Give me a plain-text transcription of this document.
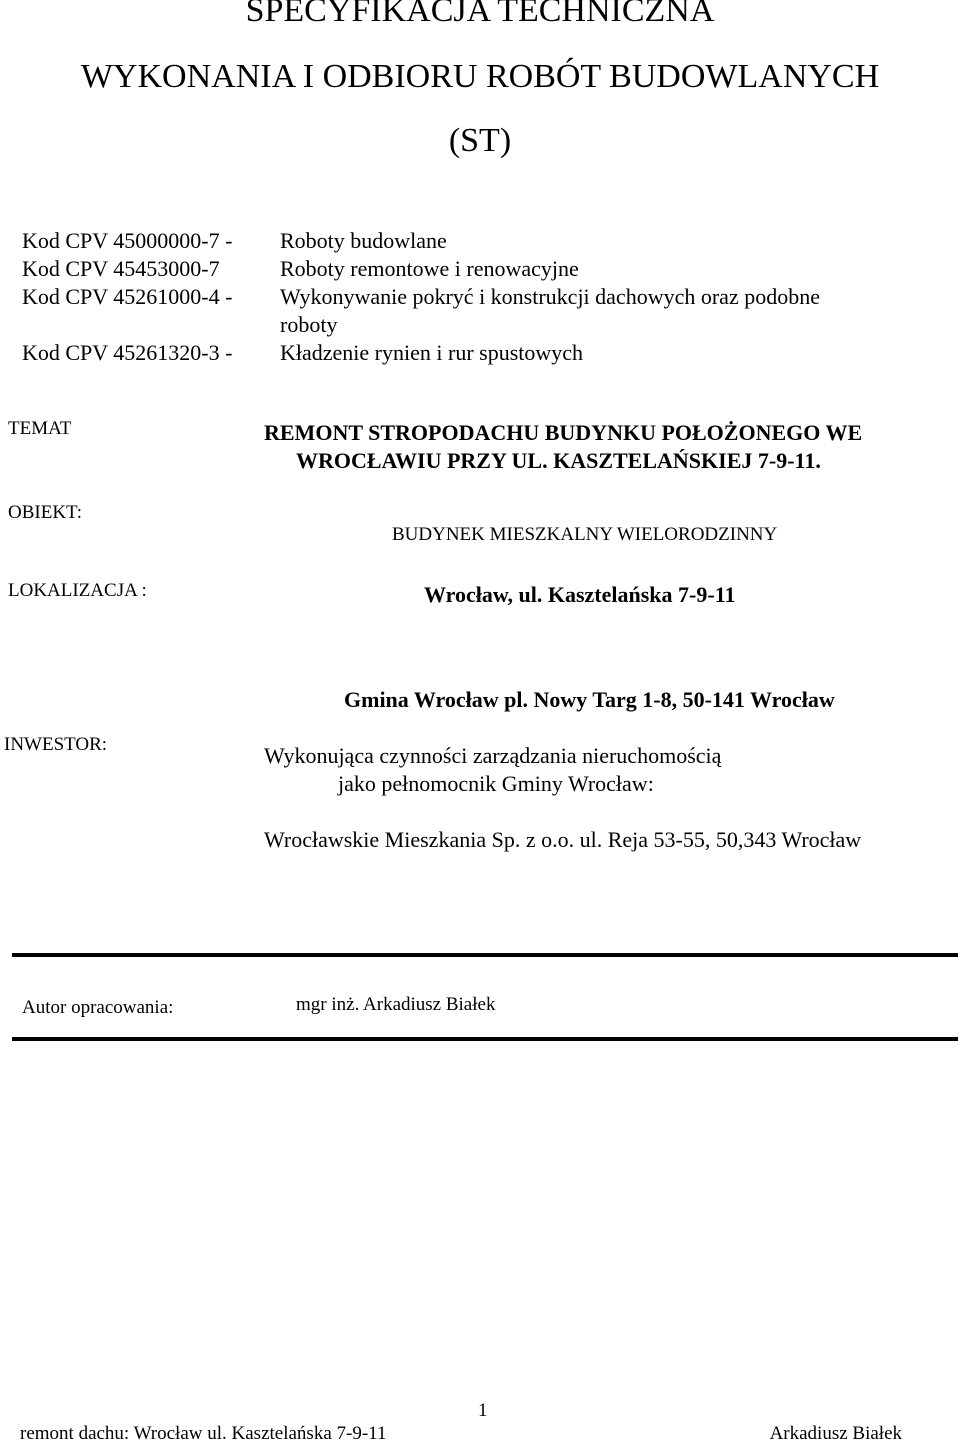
SPECYFIKACJA TECHNICZNA
WYKONANIA I ODBIORU ROBÓT BUDOWLANYCH
(ST)
Kod CPV 45000000-7 - Roboty budowlane
Kod CPV 45453000-7	Roboty remontowe i renowacyjne
Kod CPV 45261000-4 - Wykonywanie pokryć i konstrukcji dachowych oraz podobne
roboty
Kod CPV 45261320-3 - Kładzenie rynien i rur spustowych
TEMAT	REMONT STROPODACHU BUDYNKU POŁOŻONEGO WE
WROCŁAWIU PRZY UL. KASZTELAŃSKIEJ 7-9-11.
OBIEKT:
BUDYNEK MIESZKALNY WIELORODZINNY
LOKALIZACJA :	Wrocław, ul. Kasztelańska 7-9-11
INWESTOR:
Gmina Wrocław pl. Nowy Targ 1-8, 50-141 Wrocław
Wykonująca czynności zarządzania nieruchomością
jako pełnomocnik Gminy Wrocław:
Wrocławskie Mieszkania Sp. z o.o. ul. Reja 53-55, 50,343 Wrocław
Autor opracowania:	mgr inż. Arkadiusz Białek
1
remont dachu: Wrocław ul. Kasztelańska 7-9-11	Arkadiusz Białek
